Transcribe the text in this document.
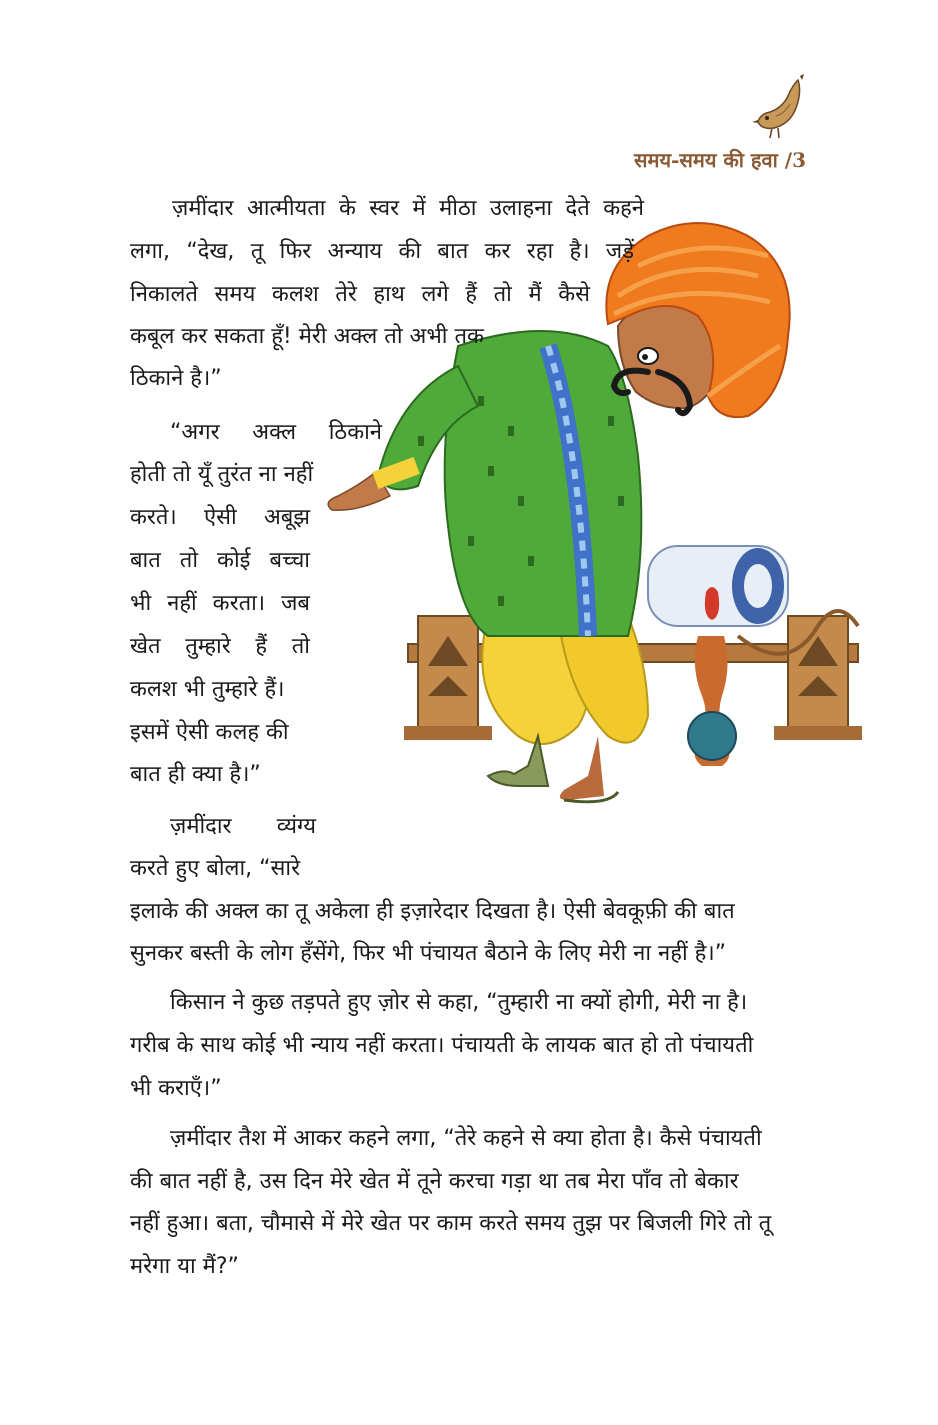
समय-समय की हवा /3
ज़मींदार आत्मीयता के स्वर में मीठा उलाहना देते कहने
लगा, “देख, तू फिर अन्याय की बात कर रहा है। जड़ें
निकालते समय कलश तेरे हाथ लगे हैं तो मैं कैसे
कबूल कर सकता हूँ! मेरी अक्ल तो अभी तक
ठिकाने है।”
“अगर अक्ल ठिकाने
होती तो यूँ तुरंत ना नहीं
करते। ऐसी अबूझ
बात तो कोई बच्चा
भी नहीं करता। जब
खेत तुम्हारे हैं तो
कलश भी तुम्हारे हैं।
इसमें ऐसी कलह की
बात ही क्या है।”
ज़मींदार व्यंग्य
करते हुए बोला, “सारे
इलाके की अक्ल का तू अकेला ही इज़ारेदार दिखता है। ऐसी बेवकूफ़ी की बात
सुनकर बस्ती के लोग हँसेंगे, फिर भी पंचायत बैठाने के लिए मेरी ना नहीं है।”
किसान ने कुछ तड़पते हुए ज़ोर से कहा, “तुम्हारी ना क्यों होगी, मेरी ना है।
गरीब के साथ कोई भी न्याय नहीं करता। पंचायती के लायक बात हो तो पंचायती
भी कराएँ।”
ज़मींदार तैश में आकर कहने लगा, “तेरे कहने से क्या होता है। कैसे पंचायती
की बात नहीं है, उस दिन मेरे खेत में तूने करचा गड़ा था तब मेरा पाँव तो बेकार
नहीं हुआ। बता, चौमासे में मेरे खेत पर काम करते समय तुझ पर बिजली गिरे तो तू
मरेगा या मैं?”
